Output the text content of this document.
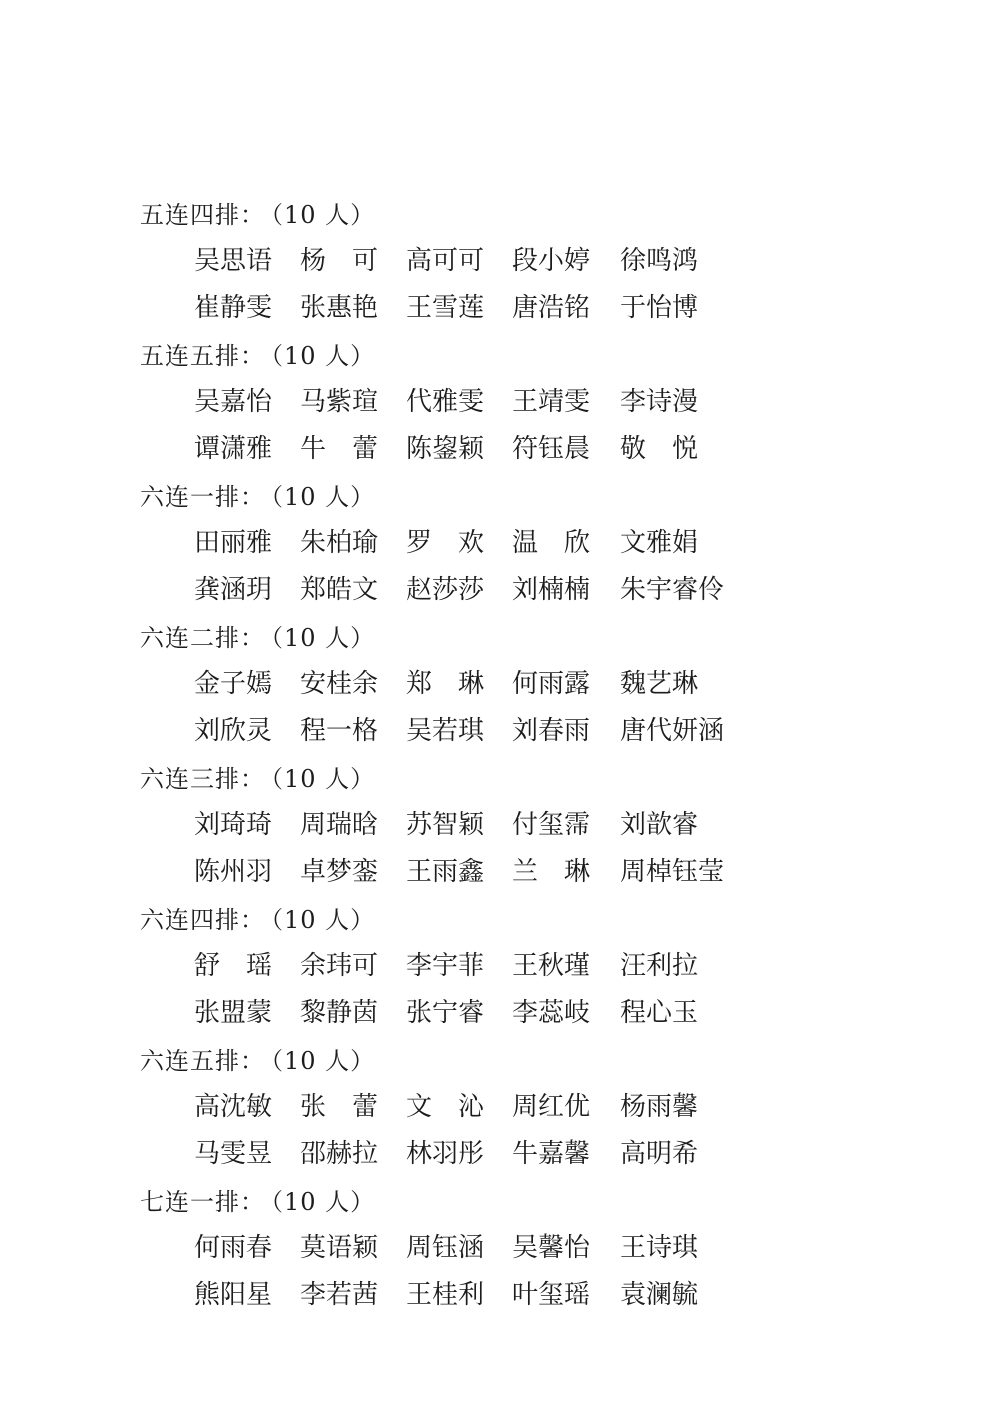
五连四排： （10 人）
吴思语 杨　可 高可可 段小婷 徐鸣鸿
崔静雯 张惠艳 王雪莲 唐浩铭 于怡博
五连五排： （10 人）
吴嘉怡 马紫瑄 代雅雯 王靖雯 李诗漫
谭潇雅 牛　蕾 陈鋆颖 符钰晨 敬　悦
六连一排： （10 人）
田丽雅 朱柏瑜 罗　欢 温　欣 文雅娟
龚涵玥 郑皓文 赵莎莎 刘楠楠 朱宇睿伶
六连二排： （10 人）
金子嫣 安桂余 郑　琳 何雨露 魏艺琳
刘欣灵 程一格 吴若琪 刘春雨 唐代妍涵
六连三排： （10 人）
刘琦琦 周瑞晗 苏智颖 付玺霈 刘歆睿
陈州羽 卓梦銮 王雨鑫 兰　琳 周棹钰莹
六连四排： （10 人）
舒　瑶 余玮可 李宇菲 王秋瑾 汪利拉
张盟蒙 黎静茵 张宁睿 李蕊岐 程心玉
六连五排： （10 人）
高沈敏 张　蕾 文　沁 周红优 杨雨馨
马雯昱 邵赫拉 林羽彤 牛嘉馨 高明希
七连一排： （10 人）
何雨春 莫语颖 周钰涵 吴馨怡 王诗琪
熊阳星 李若茜 王桂利 叶玺瑶 袁澜毓
